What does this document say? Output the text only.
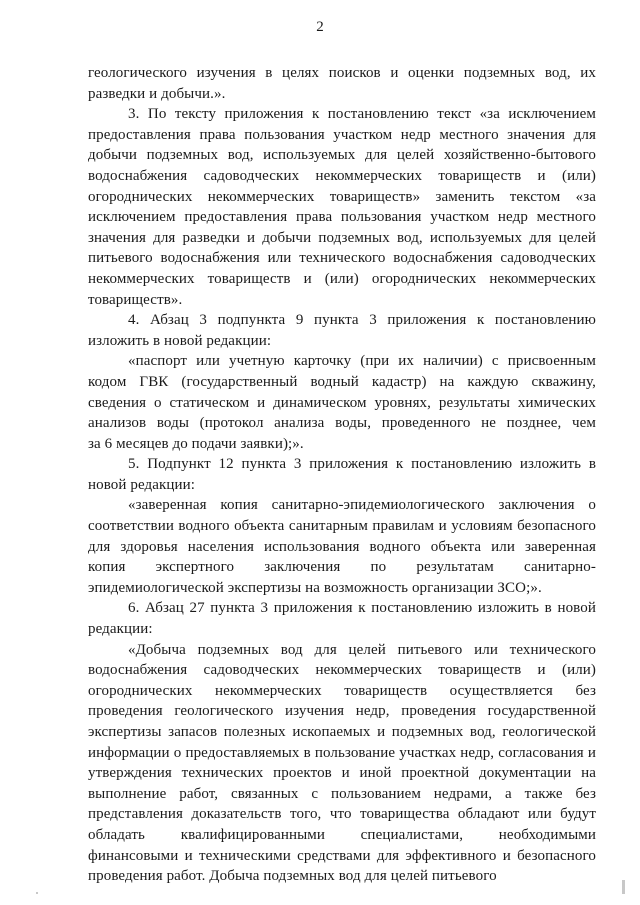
2
геологического изучения в целях поисков и оценки подземных вод, их
разведки и добычи.».
3. По тексту приложения к постановлению текст «за исключением
предоставления права пользования участком недр местного значения для
добычи подземных вод, используемых для целей хозяйственно-бытового
водоснабжения садоводческих некоммерческих товариществ и (или)
огороднических некоммерческих товариществ» заменить текстом «за
исключением предоставления права пользования участком недр местного
значения для разведки и добычи подземных вод, используемых для целей
питьевого водоснабжения или технического водоснабжения садоводческих
некоммерческих товариществ и (или) огороднических некоммерческих
товариществ».
4. Абзац 3 подпункта 9 пункта 3 приложения к постановлению
изложить в новой редакции:
«паспорт или учетную карточку (при их наличии) с присвоенным
кодом ГВК (государственный водный кадастр) на каждую скважину,
сведения о статическом и динамическом уровнях, результаты химических
анализов воды (протокол анализа воды, проведенного не позднее, чем
за 6 месяцев до подачи заявки);».
5. Подпункт 12 пункта 3 приложения к постановлению изложить в
новой редакции:
«заверенная копия санитарно-эпидемиологического заключения о
соответствии водного объекта санитарным правилам и условиям безопасного
для здоровья населения использования водного объекта или заверенная
копия экспертного заключения по результатам санитарно-
эпидемиологической экспертизы на возможность организации ЗСО;».
6. Абзац 27 пункта 3 приложения к постановлению изложить в новой
редакции:
«Добыча подземных вод для целей питьевого или технического
водоснабжения садоводческих некоммерческих товариществ и (или)
огороднических некоммерческих товариществ осуществляется без
проведения геологического изучения недр, проведения государственной
экспертизы запасов полезных ископаемых и подземных вод, геологической
информации о предоставляемых в пользование участках недр, согласования и
утверждения технических проектов и иной проектной документации на
выполнение работ, связанных с пользованием недрами, а также без
представления доказательств того, что товарищества обладают или будут
обладать квалифицированными специалистами, необходимыми
финансовыми и техническими средствами для эффективного и безопасного
проведения работ. Добыча подземных вод для целей питьевого
